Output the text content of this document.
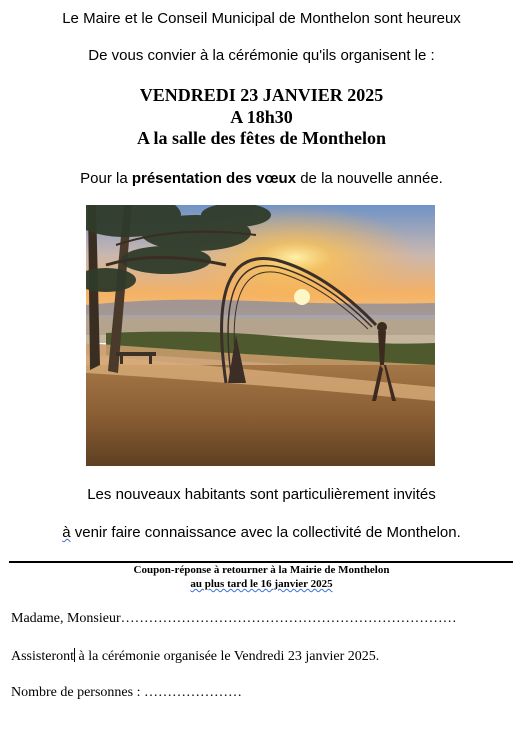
Le Maire et le Conseil Municipal de Monthelon sont heureux
De vous convier à la cérémonie qu'ils organisent le :
VENDREDI 23 JANVIER 2025
A 18h30
A la salle des fêtes de Monthelon
Pour la présentation des vœux de la nouvelle année.
Les nouveaux habitants sont particulièrement invités
à venir faire connaissance avec la collectivité de Monthelon.
Coupon-réponse à retourner à la Mairie de Monthelon
au plus tard le 16 janvier 2025
Madame, Monsieur………………………………………………………………
Assisteront à la cérémonie organisée le Vendredi 23 janvier 2025.
Nombre de personnes : …………………
